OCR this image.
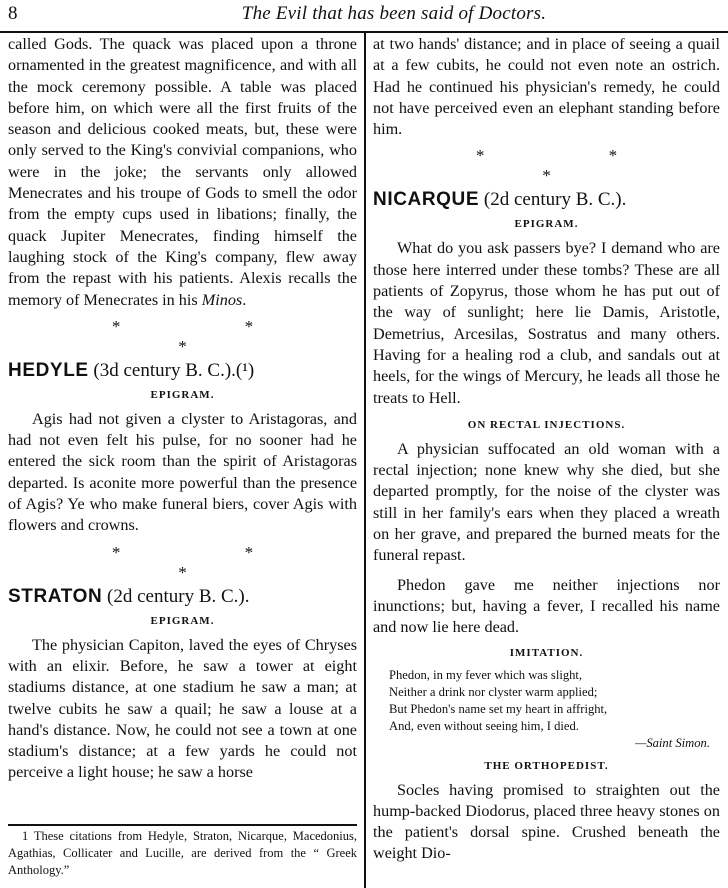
8	The Evil that has been said of Doctors.

called Gods. The quack was placed upon a throne ornamented in the greatest magnificence, and with all the mock ceremony possible. A table was placed before him, on which were all the first fruits of the season and delicious cooked meats, but, these were only served to the King's convivial companions, who were in the joke; the servants only allowed Menecrates and his troupe of Gods to smell the odor from the empty cups used in libations; finally, the quack Jupiter Menecrates, finding himself the laughing stock of the King's company, flew away from the repast with his patients. Alexis recalls the memory of Menecrates in his Minos.

* * *
HEDYLE (3d century B. C.).(¹)
EPIGRAM.

Agis had not given a clyster to Aristagoras, and had not even felt his pulse, for no sooner had he entered the sick room than the spirit of Aristagoras departed. Is aconite more powerful than the presence of Agis? Ye who make funeral biers, cover Agis with flowers and crowns.

* * *
STRATON (2d century B. C.).
EPIGRAM.

The physician Capiton, laved the eyes of Chryses with an elixir. Before, he saw a tower at eight stadiums distance, at one stadium he saw a man; at twelve cubits he saw a quail; he saw a louse at a hand's distance. Now, he could not see a town at one stadium's distance; at a few yards he could not perceive a light house; he saw a horse

1 These citations from Hedyle, Straton, Nicarque, Macedonius, Agathias, Collicater and Lucille, are derived from the “ Greek Anthology.”

at two hands' distance; and in place of seeing a quail at a few cubits, he could not even note an ostrich. Had he continued his physician's remedy, he could not have perceived even an elephant standing before him.

* * *
NICARQUE (2d century B. C.).
EPIGRAM.

What do you ask passers bye? I demand who are those here interred under these tombs? These are all patients of Zopyrus, those whom he has put out of the way of sunlight; here lie Damis, Aristotle, Demetrius, Arcesilas, Sostratus and many others. Having for a healing rod a club, and sandals out at heels, for the wings of Mercury, he leads all those he treats to Hell.

ON RECTAL INJECTIONS.

A physician suffocated an old woman with a rectal injection; none knew why she died, but she departed promptly, for the noise of the clyster was still in her family's ears when they placed a wreath on her grave, and prepared the burned meats for the funeral repast.

Phedon gave me neither injections nor inunctions; but, having a fever, I recalled his name and now lie here dead.

IMITATION.
Phedon, in my fever which was slight,
Neither a drink nor clyster warm applied;
But Phedon's name set my heart in affright,
And, even without seeing him, I died.
—Saint Simon.
THE ORTHOPEDIST.

Socles having promised to straighten out the hump-backed Diodorus, placed three heavy stones on the patient's dorsal spine. Crushed beneath the weight Dio-
